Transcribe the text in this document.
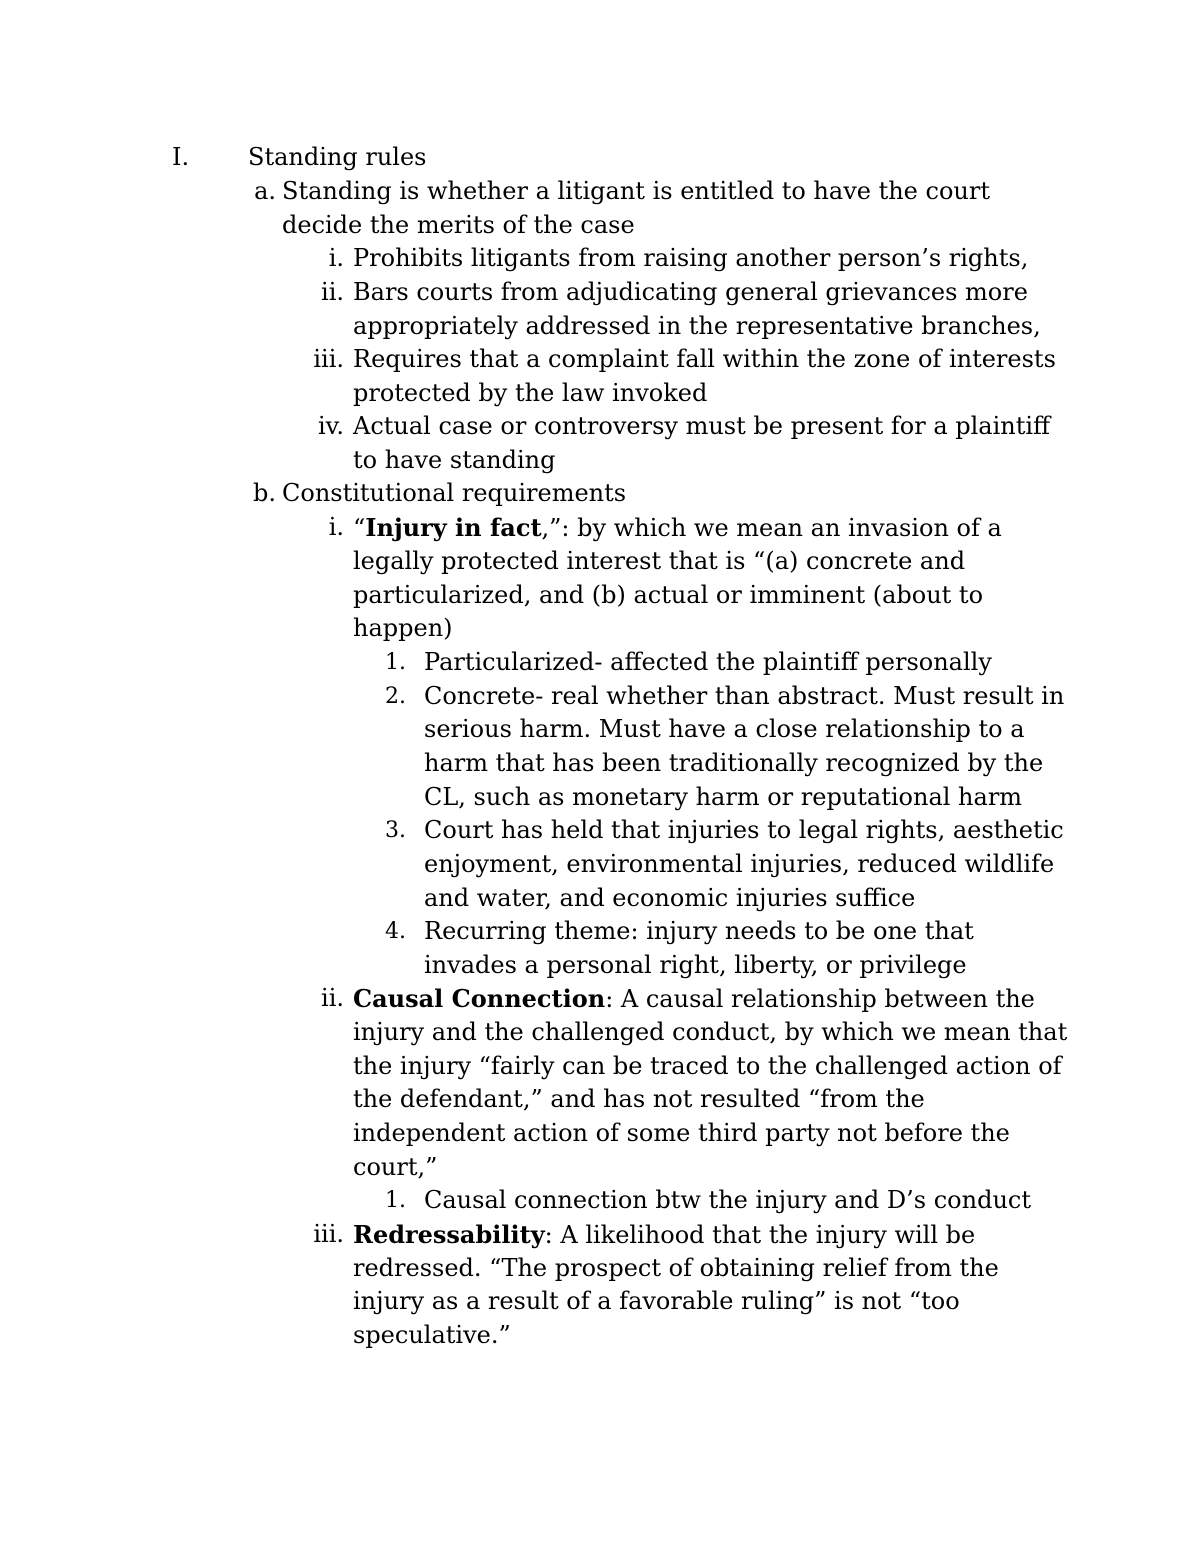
I. Standing rules
a. Standing is whether a litigant is entitled to have the court
decide the merits of the case
i. Prohibits litigants from raising another person’s rights,
ii. Bars courts from adjudicating general grievances more
appropriately addressed in the representative branches,
iii. Requires that a complaint fall within the zone of interests
protected by the law invoked
iv. Actual case or controversy must be present for a plaintiff
to have standing
b. Constitutional requirements
i. “Injury in fact,”: by which we mean an invasion of a
legally protected interest that is “(a) concrete and
particularized, and (b) actual or imminent (about to
happen)
1. Particularized- affected the plaintiff personally
2. Concrete- real whether than abstract. Must result in
serious harm. Must have a close relationship to a
harm that has been traditionally recognized by the
CL, such as monetary harm or reputational harm
3. Court has held that injuries to legal rights, aesthetic
enjoyment, environmental injuries, reduced wildlife
and water, and economic injuries suffice
4. Recurring theme: injury needs to be one that
invades a personal right, liberty, or privilege
ii. Causal Connection: A causal relationship between the
injury and the challenged conduct, by which we mean that
the injury “fairly can be traced to the challenged action of
the defendant,” and has not resulted “from the
independent action of some third party not before the
court,”
1. Causal connection btw the injury and D’s conduct
iii. Redressability: A likelihood that the injury will be
redressed. “The prospect of obtaining relief from the
injury as a result of a favorable ruling” is not “too
speculative.”
